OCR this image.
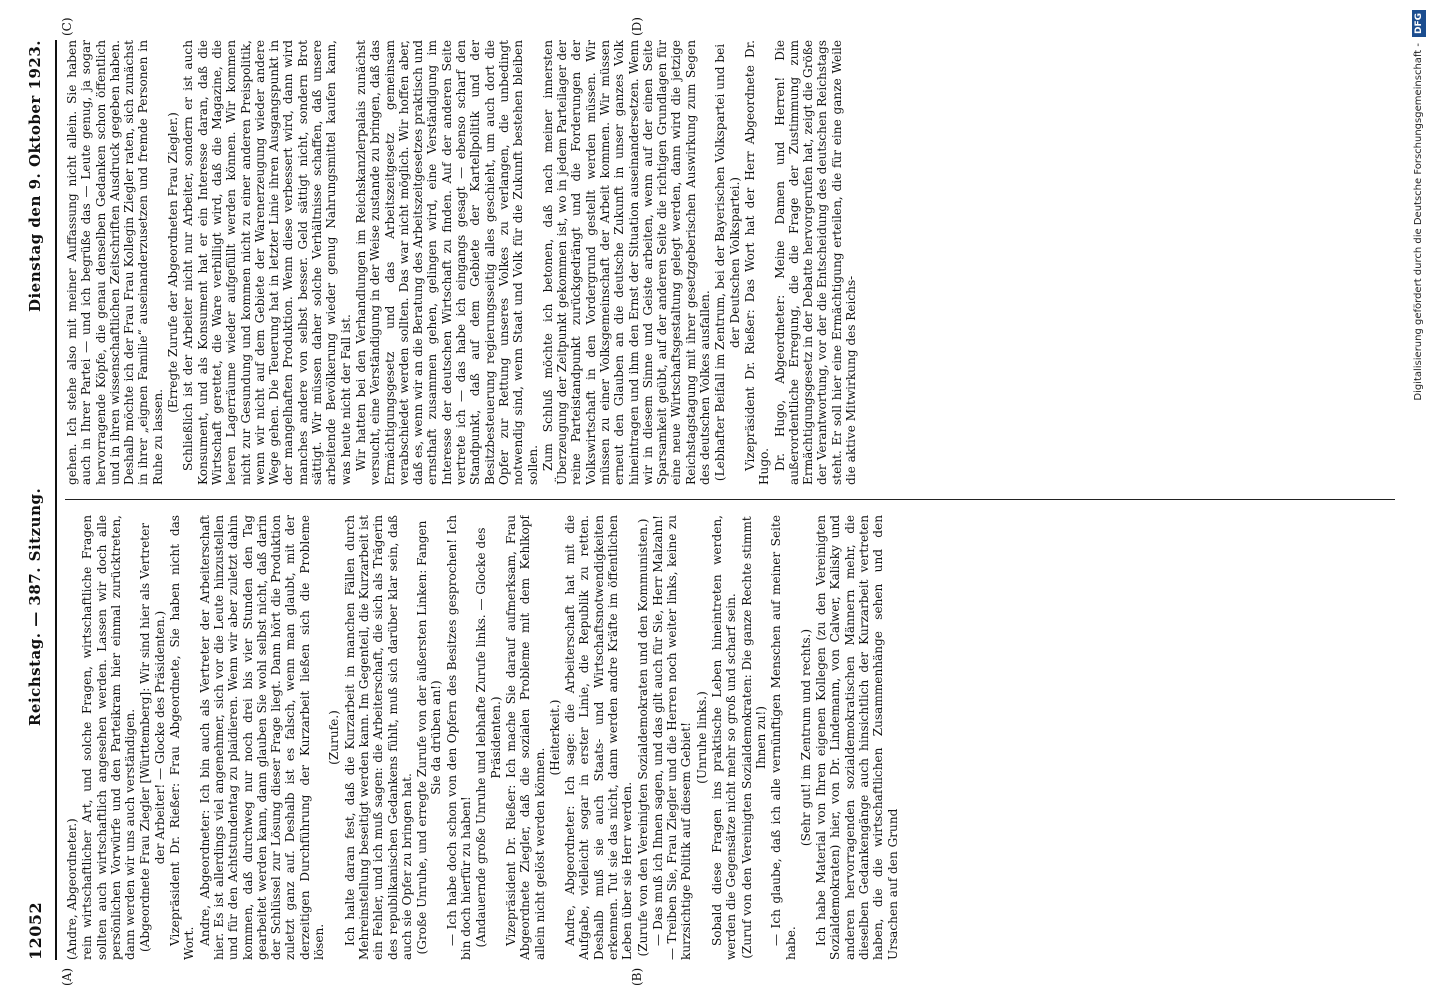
12052
Reichstag. — 387. Sitzung.
Dienstag den 9. Oktober 1923.
(A)	(B)
(C)	(D)

(Andre, Abgeordneter.) rein wirtschaftlicher Art, und solche Fragen, wirtschaftliche Fragen sollten auch wirtschaftlich angesehen werden. Lassen wir doch alle persönlichen Vorwürfe und den Parteikram hier einmal zurücktreten, dann werden wir uns auch verständigen. (Abgeordnete Frau Ziegler [Württemberg]: Wir sind hier als Vertreter der Arbeiter! — Glocke des Präsidenten.) Vizepräsident Dr. Rießer: Frau Abgeordnete, Sie haben nicht das Wort. Andre, Abgeordneter: Ich bin auch als Vertreter der Arbeiterschaft hier. Es ist allerdings viel angenehmer, sich vor die Leute hinzustellen und für den Achtstundentag zu plaidieren. Wenn wir aber zuletzt dahin kommen, daß durchweg nur noch drei bis vier Stunden den Tag gearbeitet werden kann, dann glauben Sie wohl selbst nicht, daß darin der Schlüssel zur Lösung dieser Frage liegt. Dann hört die Produktion zuletzt ganz auf. Deshalb ist es falsch, wenn man glaubt, mit der derzeitigen Durchführung der Kurzarbeit ließen sich die Probleme lösen.

(Zurufe.) Ich halte daran fest, daß die Kurzarbeit in manchen Fällen durch Mehreinstellung beseitigt werden kann. Im Gegenteil, die Kurzarbeit ist ein Fehler, und ich muß sagen: die Arbeiterschaft, die sich als Trägerin des republikanischen Gedankens fühlt, muß sich darüber klar sein, daß auch sie Opfer zu bringen hat. (Große Unruhe, und erregte Zurufe von der äußersten Linken: Fangen Sie da drüben an!) — Ich habe doch schon von den Opfern des Besitzes gesprochen! Ich bin doch hierfür zu haben! (Andauernde große Unruhe und lebhafte Zurufe links. — Glocke des Präsidenten.) Vizepräsident Dr. Rießer: Ich mache Sie darauf aufmerksam, Frau Abgeordnete Ziegler, daß die sozialen Probleme mit dem Kehlkopf allein nicht gelöst werden können.

(Heiterkeit.) Andre, Abgeordneter: Ich sage: die Arbeiterschaft hat mit die Aufgabe, vielleicht sogar in erster Linie, die Republik zu retten. Deshalb muß sie auch Staats- und Wirtschaftsnotwendigkeiten erkennen. Tut sie das nicht, dann werden andre Kräfte im öffentlichen Leben über sie Herr werden. (Zurufe von den Vereinigten Sozialdemokraten und den Kommunisten.) — Das muß ich Ihnen sagen, und das gilt auch für Sie, Herr Malzahn! — Treiben Sie, Frau Ziegler und die Herren noch weiter links, keine zu kurzsichtige Politik auf diesem Gebiet! (Unruhe links.) Sobald diese Fragen ins praktische Leben hineintreten werden, werden die Gegensätze nicht mehr so groß und scharf sein. (Zuruf von den Vereinigten Sozialdemokraten: Die ganze Rechte stimmt Ihnen zu!) — Ich glaube, daß ich alle vernünftigen Menschen auf meiner Seite habe.

(Sehr gut! im Zentrum und rechts.) Ich habe Material von Ihren eigenen Kollegen (zu den Vereinigten Sozialdemokraten) hier, von Dr. Lindemann, von Calwer, Kalisky und anderen hervorragenden sozialdemokratischen Männern mehr, die dieselben Gedankengänge auch hinsichtlich der Kurzarbeit vertreten haben, die die wirtschaftlichen Zusammenhänge sehen und den Ursachen auf den Grund

gehen. Ich stehe also mit meiner Auffassung nicht allein. Sie haben auch in Ihrer Partei — und ich begrüße das — Leute genug, ja sogar hervorragende Köpfe, die genau denselben Gedanken schon öffentlich und in ihren wissenschaftlichen Zeitschriften Ausdruck gegeben haben. Deshalb möchte ich der Frau Frau Kollegin Ziegler raten, sich zunächst in ihrer „eignen Familie“ auseinanderzusetzen und fremde Personen in Ruhe zu lassen.

(Erregte Zurufe der Abgeordneten Frau Ziegler.) Schließlich ist der Arbeiter nicht nur Arbeiter, sondern er ist auch Konsument, und als Konsument hat er ein Interesse daran, daß die Wirtschaft gerettet, die Ware verbilligt wird, daß die Magazine, die leeren Lagerräume wieder aufgefüllt werden können. Wir kommen nicht zur Gesundung und kommen nicht zu einer anderen Preispolitik, wenn wir nicht auf dem Gebiete der Warenerzeugung wieder andere Wege gehen. Die Teuerung hat in letzter Linie ihren Ausgangspunkt in der mangelhaften Produktion. Wenn diese verbessert wird, dann wird manches andere von selbst besser. Geld sättigt nicht, sondern Brot sättigt. Wir müssen daher solche Verhältnisse schaffen, daß unsere arbeitende Bevölkerung wieder genug Nahrungsmittel kaufen kann, was heute nicht der Fall ist. Wir hatten bei den Verhandlungen im Reichskanzlerpalais zunächst versucht, eine Verständigung in der Weise zustande zu bringen, daß das Ermächtigungsgesetz und das Arbeitszeitgesetz gemeinsam verabschiedet werden sollten. Das war nicht möglich. Wir hoffen aber, daß es, wenn wir an die Beratung des Arbeitszeitgesetzes praktisch und ernsthaft zusammen gehen, gelingen wird, eine Verständigung im Interesse der deutschen Wirtschaft zu finden. Auf der anderen Seite vertrete ich — das habe ich eingangs gesagt — ebenso scharf den Standpunkt, daß auf dem Gebiete der Kartellpolitik und der Besitzbesteuerung regierungsseitig alles geschieht, um auch dort die Opfer zur Rettung unseres Volkes zu verlangen, die unbedingt notwendig sind, wenn Staat und Volk für die Zukunft bestehen bleiben sollen. Zum Schluß möchte ich betonen, daß nach meiner innersten Überzeugung der Zeitpunkt gekommen ist, wo in jedem Parteilager der reine Parteistandpunkt zurückgedrängt und die Forderungen der Volkswirtschaft in den Vordergrund gestellt werden müssen. Wir müssen zu einer Volksgemeinschaft der Arbeit kommen. Wir müssen erneut den Glauben an die deutsche Zukunft in unser ganzes Volk hineintragen und ihm den Ernst der Situation auseinandersetzen. Wenn wir in diesem Sinne und Geiste arbeiten, wenn auf der einen Seite Sparsamkeit geübt, auf der anderen Seite die richtigen Grundlagen für eine neue Wirtschaftsgestaltung gelegt werden, dann wird die jetzige Reichstagstagung mit ihrer gesetzgeberischen Auswirkung zum Segen des deutschen Volkes ausfallen. (Lebhafter Beifall im Zentrum, bei der Bayerischen Volkspartei und bei der Deutschen Volkspartei.) Vizepräsident Dr. Rießer: Das Wort hat der Herr Abgeordnete Dr. Hugo. Dr. Hugo, Abgeordneter: Meine Damen und Herren! Die außerordentliche Erregung, die die Frage der Zustimmung zum Ermächtigungsgesetz in der Debatte hervorgerufen hat, zeigt die Größe der Verantwortung, vor der die Entscheidung des deutschen Reichstags steht. Er soll hier eine Ermächtigung erteilen, die für eine ganze Weile die aktive Mitwirkung des Reichs-	Digitalisierung gefördert durch die Deutsche Forschungsgemeinschaft -
DFG
